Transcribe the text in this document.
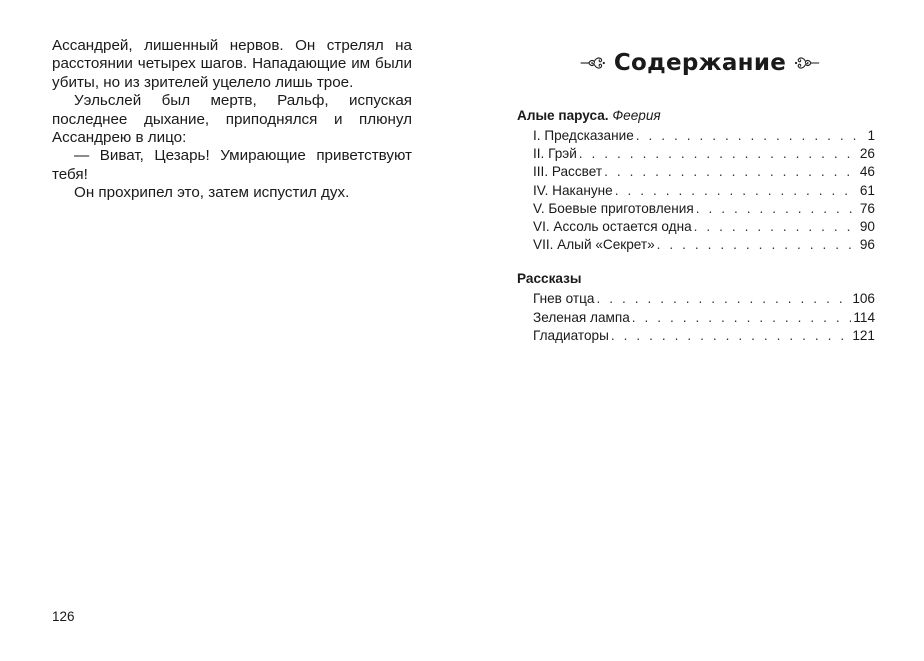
Ассандрей, лишенный нервов. Он стрелял на расстоянии четырех шагов. Нападающие им были убиты, но из зрителей уцелело лишь трое.

Уэльслей был мертв, Ральф, испуская последнее дыхание, приподнялся и плюнул Ассандрею в лицо:

— Виват, Цезарь! Умирающие приветствуют тебя!

Он прохрипел это, затем испустил дух.

126
Содержание
Алые паруса. Феерия
I. Предсказание . . .	1
II. Грэй . . .	26
III. Рассвет . . .	46
IV. Накануне . . .	61
V. Боевые приготовления . . .	76
VI. Ассоль остается одна . . .	90
VII. Алый «Секрет» . . .	96
Рассказы
Гнев отца . . .	106
Зеленая лампа . . .	114
Гладиаторы . . .	121
